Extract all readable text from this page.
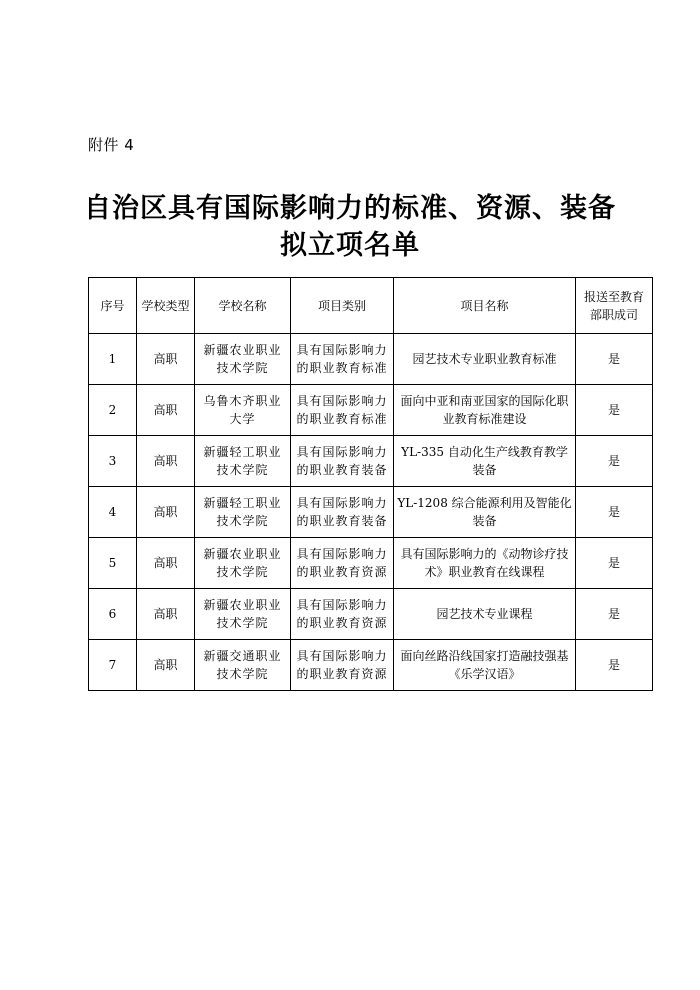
附件 4
自治区具有国际影响力的标准、资源、装备
拟立项名单
序号	学校类型	学校名称	项目类别	项目名称	报送至教育部职成司
1	高职	新疆农业职业技术学院	具有国际影响力的职业教育标准	园艺技术专业职业教育标准	是
2	高职	乌鲁木齐职业大学	具有国际影响力的职业教育标准	面向中亚和南亚国家的国际化职业教育标准建设	是
3	高职	新疆轻工职业技术学院	具有国际影响力的职业教育装备	YL-335 自动化生产线教育教学装备	是
4	高职	新疆轻工职业技术学院	具有国际影响力的职业教育装备	YL-1208 综合能源利用及智能化装备	是
5	高职	新疆农业职业技术学院	具有国际影响力的职业教育资源	具有国际影响力的《动物诊疗技术》职业教育在线课程	是
6	高职	新疆农业职业技术学院	具有国际影响力的职业教育资源	园艺技术专业课程	是
7	高职	新疆交通职业技术学院	具有国际影响力的职业教育资源	面向丝路沿线国家打造融技强基《乐学汉语》	是
